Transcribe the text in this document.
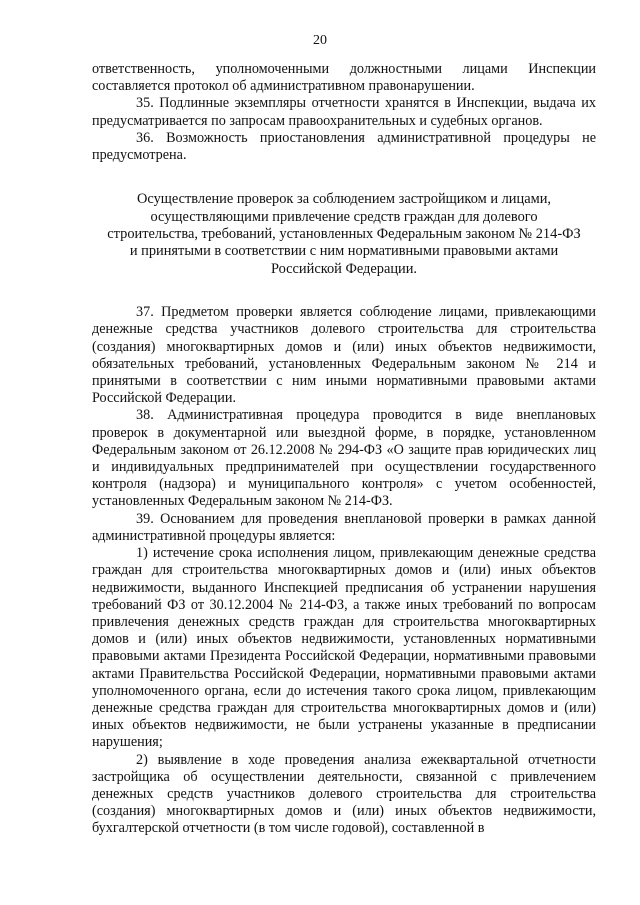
20

ответственность, уполномоченными должностными лицами Инспекции составляется протокол об административном правонарушении.

35. Подлинные экземпляры отчетности хранятся в Инспекции, выдача их предусматривается по запросам правоохранительных и судебных органов.

36. Возможность приостановления административной процедуры не предусмотрена.

Осуществление проверок за соблюдением застройщиком и лицами,
осуществляющими привлечение средств граждан для долевого
строительства, требований, установленных Федеральным законом № 214-ФЗ
и принятыми в соответствии с ним нормативными правовыми актами
Российской Федерации.

37. Предметом проверки является соблюдение лицами, привлекающими денежные средства участников долевого строительства для строительства (создания) многоквартирных домов и (или) иных объектов недвижимости, обязательных требований, установленных Федеральным законом № 214 и принятыми в соответствии с ним иными нормативными правовыми актами Российской Федерации.

38. Административная процедура проводится в виде внеплановых проверок в документарной или выездной форме, в порядке, установленном Федеральным законом от 26.12.2008 № 294-ФЗ «О защите прав юридических лиц и индивидуальных предпринимателей при осуществлении государственного контроля (надзора) и муниципального контроля» с учетом особенностей, установленных Федеральным законом № 214-ФЗ.

39. Основанием для проведения внеплановой проверки в рамках данной административной процедуры является:

1) истечение срока исполнения лицом, привлекающим денежные средства граждан для строительства многоквартирных домов и (или) иных объектов недвижимости, выданного Инспекцией предписания об устранении нарушения требований ФЗ от 30.12.2004 № 214-ФЗ, а также иных требований по вопросам привлечения денежных средств граждан для строительства многоквартирных домов и (или) иных объектов недвижимости, установленных нормативными правовыми актами Президента Российской Федерации, нормативными правовыми актами Правительства Российской Федерации, нормативными правовыми актами уполномоченного органа, если до истечения такого срока лицом, привлекающим денежные средства граждан для строительства многоквартирных домов и (или) иных объектов недвижимости, не были устранены указанные в предписании нарушения;

2) выявление в ходе проведения анализа ежеквартальной отчетности застройщика об осуществлении деятельности, связанной с привлечением денежных средств участников долевого строительства для строительства (создания) многоквартирных домов и (или) иных объектов недвижимости, бухгалтерской отчетности (в том числе годовой), составленной в
